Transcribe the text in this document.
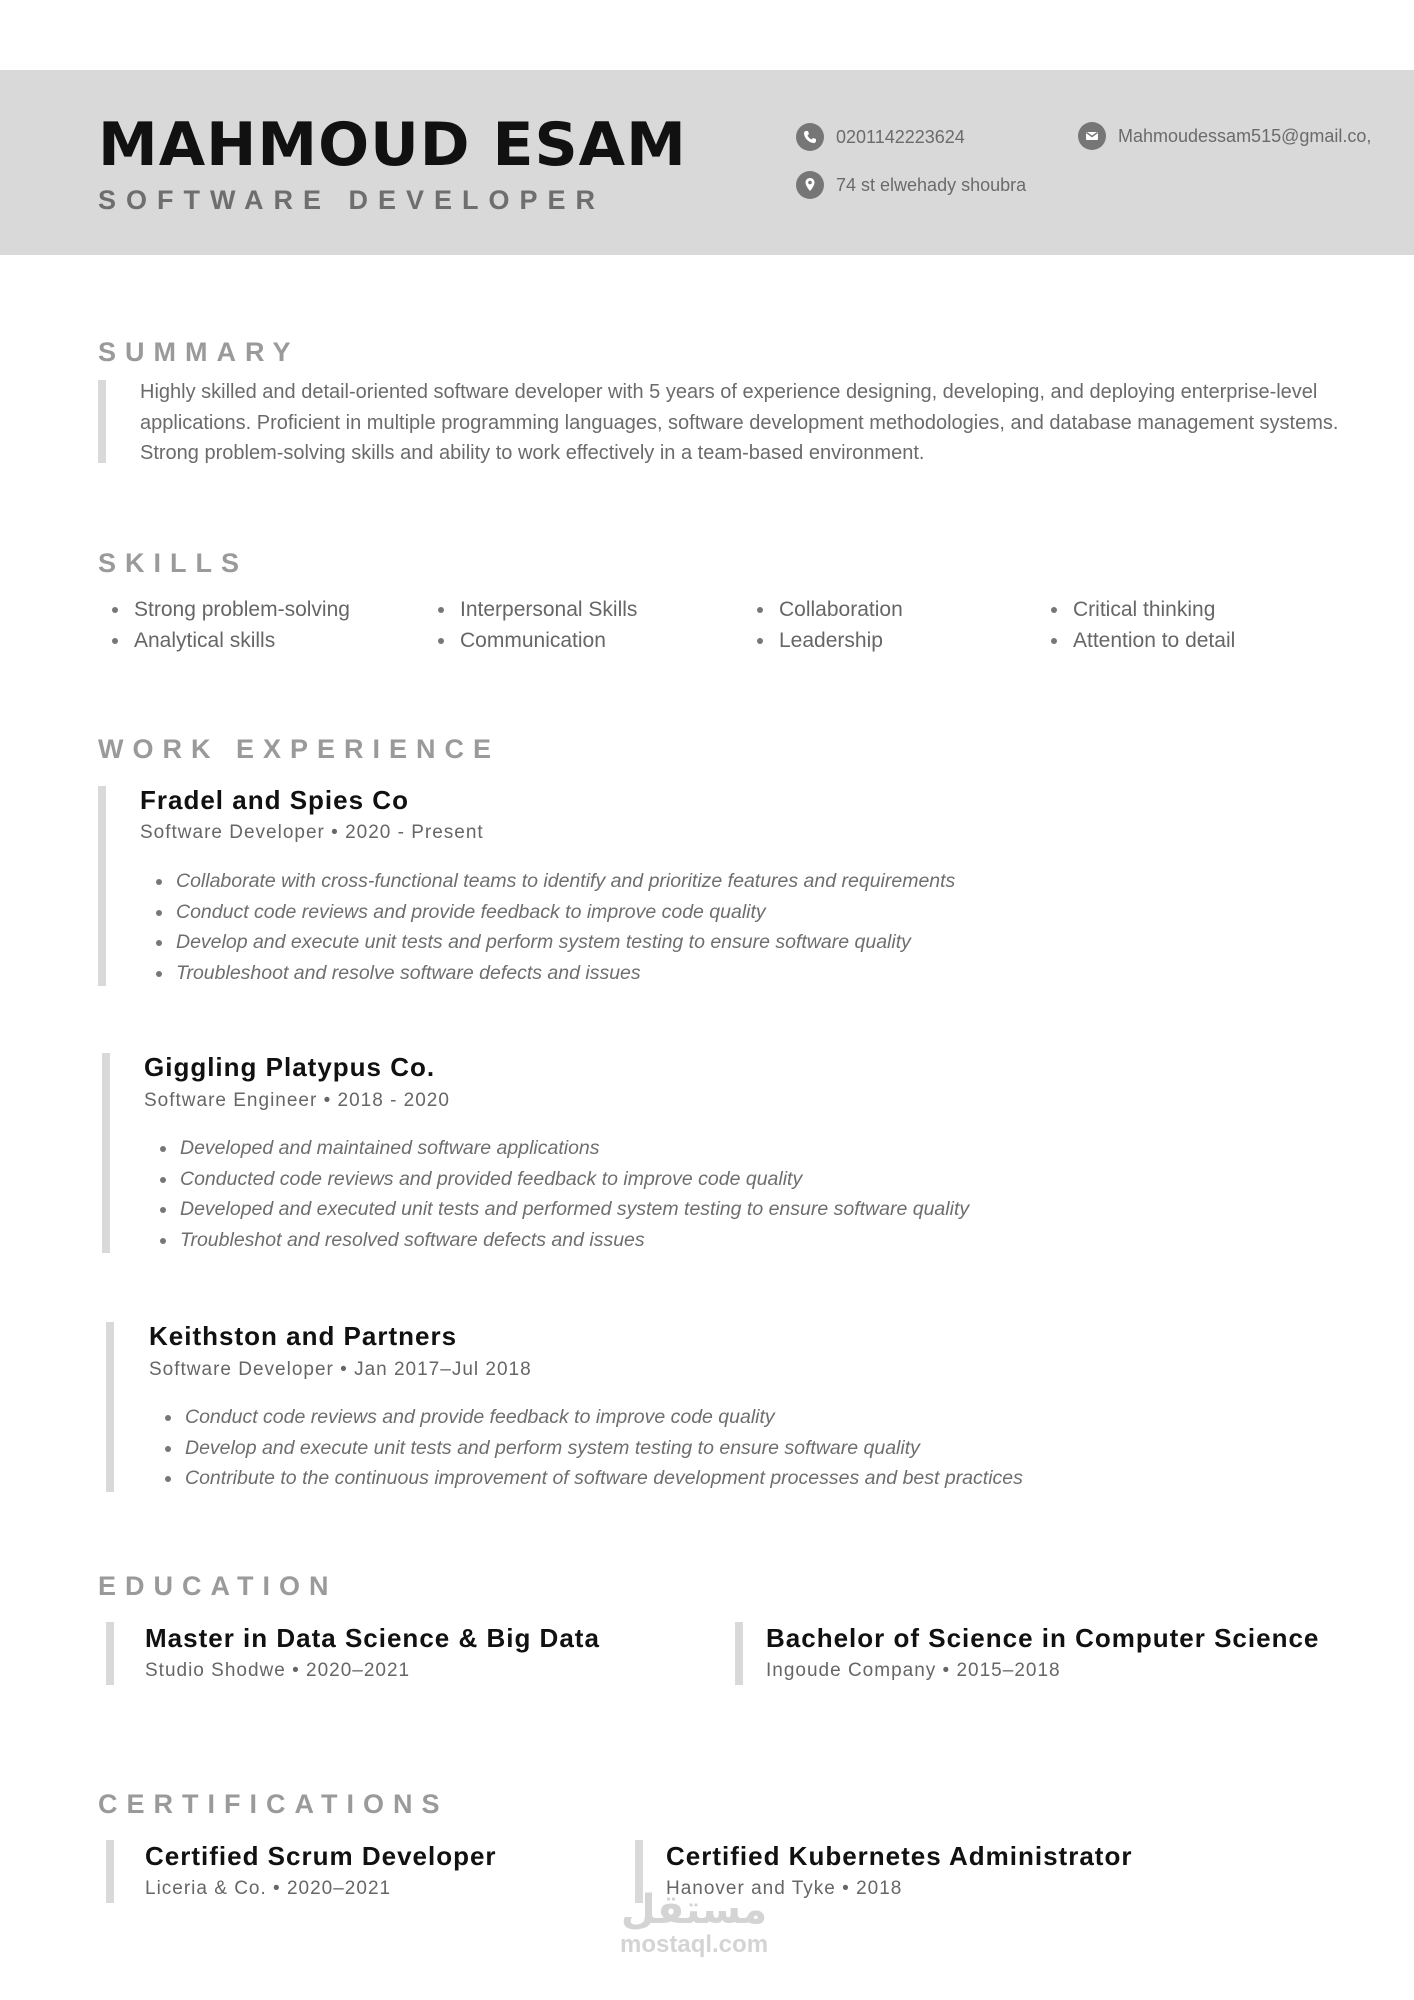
MAHMOUD ESAM
SOFTWARE DEVELOPER
0201142223624
74 st elwehady shoubra
Mahmoudessam515@gmail.co,
SUMMARY
Highly skilled and detail-oriented software developer with 5 years of experience designing, developing, and deploying enterprise-level applications. Proficient in multiple programming languages, software development methodologies, and database management systems. Strong problem-solving skills and ability to work effectively in a team-based environment.
SKILLS
Strong problem-solving
Analytical skills
Interpersonal Skills
Communication
Collaboration
Leadership
Critical thinking
Attention to detail
WORK EXPERIENCE
Fradel and Spies Co
Software Developer • 2020 - Present
Collaborate with cross-functional teams to identify and prioritize features and requirements
Conduct code reviews and provide feedback to improve code quality
Develop and execute unit tests and perform system testing to ensure software quality
Troubleshoot and resolve software defects and issues
Giggling Platypus Co.
Software Engineer • 2018 - 2020
Developed and maintained software applications
Conducted code reviews and provided feedback to improve code quality
Developed and executed unit tests and performed system testing to ensure software quality
Troubleshot and resolved software defects and issues
Keithston and Partners
Software Developer • Jan 2017–Jul 2018
Conduct code reviews and provide feedback to improve code quality
Develop and execute unit tests and perform system testing to ensure software quality
Contribute to the continuous improvement of software development processes and best practices
EDUCATION
Master in Data Science & Big Data
Studio Shodwe • 2020–2021
Bachelor of Science in Computer Science
Ingoude Company • 2015–2018
CERTIFICATIONS
Certified Scrum Developer
Liceria & Co. • 2020–2021
Certified Kubernetes Administrator
Hanover and Tyke • 2018
مستقل
mostaql.com
